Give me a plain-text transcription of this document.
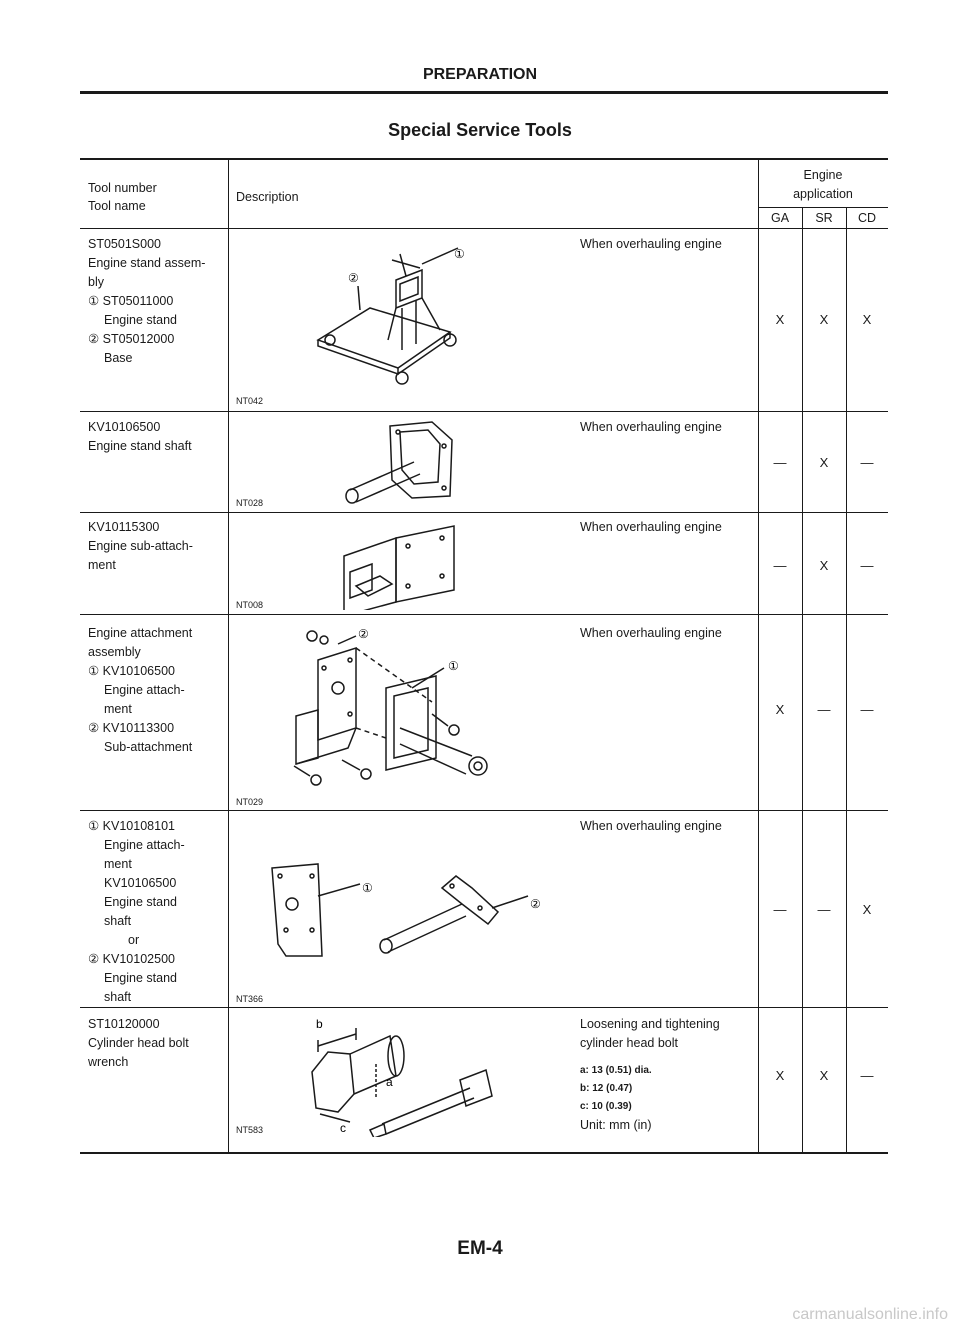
PREPARATION
Special Service Tools
Tool number
Tool name
Description
Engine
application
GA	SR	CD
ST0501S000
Engine stand assem-
bly
① ST05011000
Engine stand
② ST05012000
Base
When overhauling engine
NT042
X	X	X
①
②
KV10106500
Engine stand shaft
When overhauling engine
NT028
—	X	—
KV10115300
Engine sub-attach-
ment
When overhauling engine
NT008
—	X	—
Engine attachment
assembly
① KV10106500
Engine attach-
ment
② KV10113300
Sub-attachment
When overhauling engine
NT029
X	—	—
①
②
① KV10108101
Engine attach-
ment
KV10106500
Engine stand
shaft
or
② KV10102500
Engine stand
shaft
When overhauling engine
NT366
—	—	X
①
②
ST10120000
Cylinder head bolt
wrench
Loosening and tightening
cylinder head bolt
a: 13 (0.51) dia.
b: 12 (0.47)
c: 10 (0.39)
Unit: mm (in)
NT583
X	X	—
b
a
c
EM-4
carmanualsonline.info
